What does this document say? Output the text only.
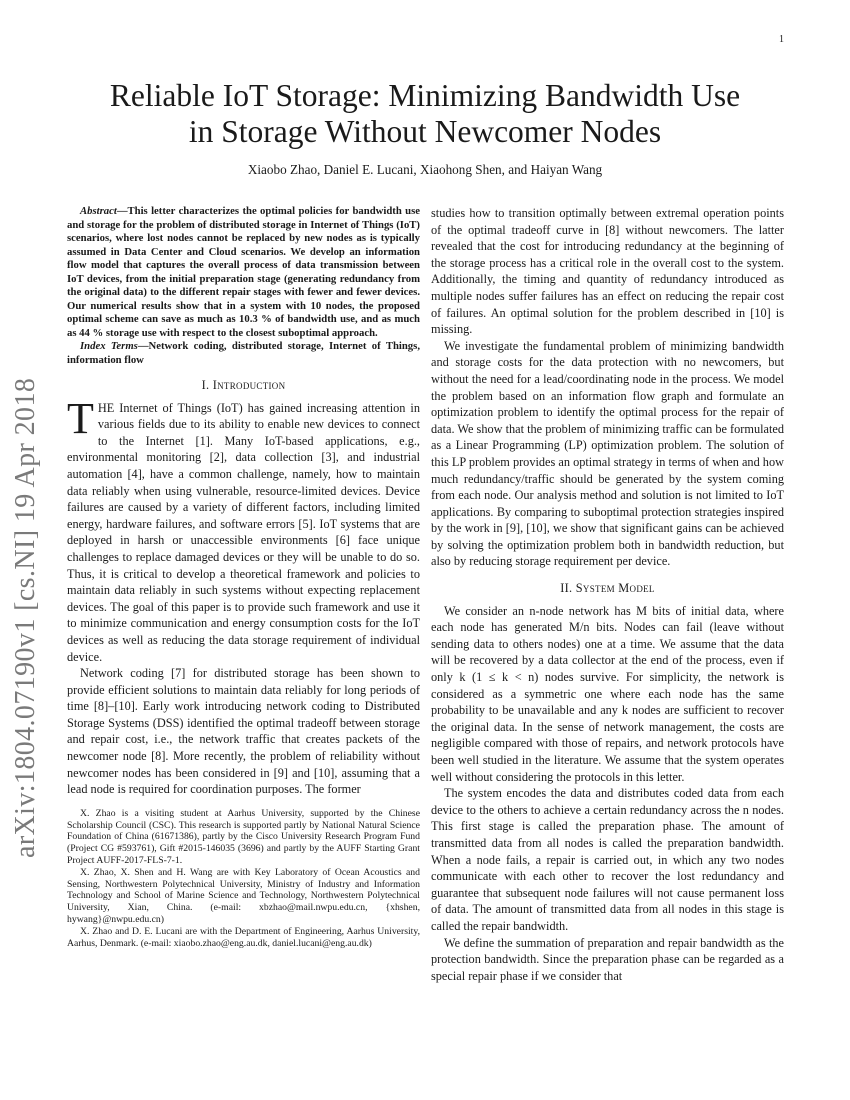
1
arXiv:1804.07190v1 [cs.NI] 19 Apr 2018
Reliable IoT Storage: Minimizing Bandwidth Use
in Storage Without Newcomer Nodes
Xiaobo Zhao, Daniel E. Lucani, Xiaohong Shen, and Haiyan Wang

Abstract—This letter characterizes the optimal policies for bandwidth use and storage for the problem of distributed storage in Internet of Things (IoT) scenarios, where lost nodes cannot be replaced by new nodes as is typically assumed in Data Center and Cloud scenarios. We develop an information flow model that captures the overall process of data transmission between IoT devices, from the initial preparation stage (generating redundancy from the original data) to the different repair stages with fewer and fewer devices. Our numerical results show that in a system with 10 nodes, the proposed optimal scheme can save as much as 10.3 % of bandwidth use, and as much as 44 % storage use with respect to the closest suboptimal approach.

Index Terms—Network coding, distributed storage, Internet of Things, information flow

I. Introduction

THE Internet of Things (IoT) has gained increasing attention in various fields due to its ability to enable new devices to connect to the Internet [1]. Many IoT-based applications, e.g., environmental monitoring [2], data collection [3], and industrial automation [4], have a common challenge, namely, how to maintain data reliably when using vulnerable, resource-limited devices. Device failures are caused by a variety of different factors, including limited energy, hardware failures, and software errors [5]. IoT systems that are deployed in harsh or unaccessible environments [6] face unique challenges to replace damaged devices or they will be unable to do so. Thus, it is critical to develop a theoretical framework and policies to maintain data reliably in such systems without expecting replacement devices. The goal of this paper is to provide such framework and use it to minimize communication and energy consumption costs for the IoT devices as well as reducing the data storage requirement of individual device.

Network coding [7] for distributed storage has been shown to provide efficient solutions to maintain data reliably for long periods of time [8]–[10]. Early work introducing network coding to Distributed Storage Systems (DSS) identified the optimal tradeoff between storage and repair cost, i.e., the network traffic that creates packets of the newcomer node [8]. More recently, the problem of reliability without newcomer nodes has been considered in [9] and [10], assuming that a lead node is required for coordination purposes. The former

X. Zhao is a visiting student at Aarhus University, supported by the Chinese Scholarship Council (CSC). This research is supported partly by National Natural Science Foundation of China (61671386), partly by the Cisco University Research Program Fund (Project CG #593761), Gift #2015-146035 (3696) and partly by the AUFF Starting Grant Project AUFF-2017-FLS-7-1.

X. Zhao, X. Shen and H. Wang are with Key Laboratory of Ocean Acoustics and Sensing, Northwestern Polytechnical University, Ministry of Industry and Information Technology and School of Marine Science and Technology, Northwestern Polytechnical University, Xian, China. (e-mail: xbzhao@mail.nwpu.edu.cn, {xhshen, hywang}@nwpu.edu.cn)

X. Zhao and D. E. Lucani are with the Department of Engineering, Aarhus University, Aarhus, Denmark. (e-mail: xiaobo.zhao@eng.au.dk, daniel.lucani@eng.au.dk)

studies how to transition optimally between extremal operation points of the optimal tradeoff curve in [8] without newcomers. The latter revealed that the cost for introducing redundancy at the beginning of the storage process has a critical role in the overall cost to the system. Additionally, the timing and quantity of redundancy introduced as multiple nodes suffer failures has an effect on reducing the repair cost of failures. An optimal solution for the problem described in [10] is missing.

We investigate the fundamental problem of minimizing bandwidth and storage costs for the data protection with no newcomers, but without the need for a lead/coordinating node in the process. We model the problem based on an information flow graph and formulate an optimization problem to identify the optimal process for the repair of data. We show that the problem of minimizing traffic can be formulated as a Linear Programming (LP) optimization problem. The solution of this LP problem provides an optimal strategy in terms of when and how much redundancy/traffic should be generated by the system coming from each node. Our analysis method and solution is not limited to IoT applications. By comparing to suboptimal protection strategies inspired by the work in [9], [10], we show that significant gains can be achieved by solving the optimization problem both in bandwidth reduction, but also by reducing storage requirement per device.

II. System Model

We consider an n-node network has M bits of initial data, where each node has generated M/n bits. Nodes can fail (leave without sending data to others nodes) one at a time. We assume that the data will be recovered by a data collector at the end of the process, even if only k (1 ≤ k < n) nodes survive. For simplicity, the network is considered as a symmetric one where each node has the same probability to be unavailable and any k nodes are sufficient to recover the original data. In the sense of network management, the costs are negligible compared with those of repairs, and network protocols have been well studied in the literature. We assume that the system operates well without considering the protocols in this letter.

The system encodes the data and distributes coded data from each device to the others to achieve a certain redundancy across the n nodes. This first stage is called the preparation phase. The amount of transmitted data from all nodes is called the preparation bandwidth. When a node fails, a repair is carried out, in which any two nodes communicate with each other to recover the lost redundancy and guarantee that subsequent node failures will not cause permanent loss of data. The amount of transmitted data from all nodes in this stage is called the repair bandwidth.

We define the summation of preparation and repair bandwidth as the protection bandwidth. Since the preparation phase can be regarded as a special repair phase if we consider that
